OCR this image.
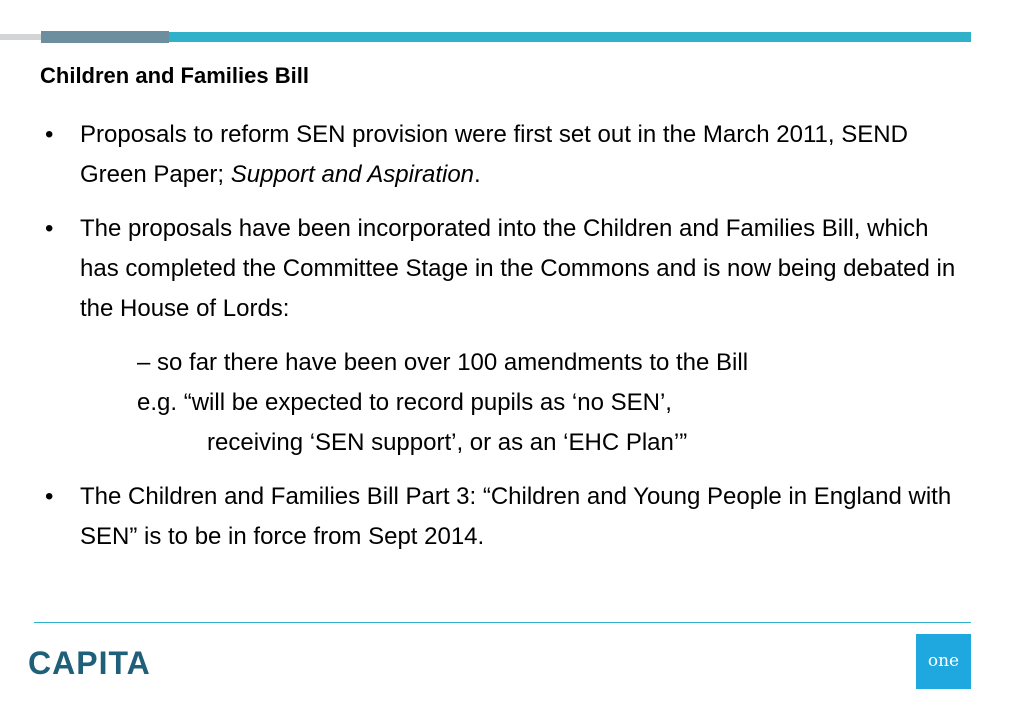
Children and Families Bill

• Proposals to reform SEN provision were first set out in the March 2011, SEND Green Paper; Support and Aspiration.

• The proposals have been incorporated into the Children and Families Bill, which has completed the Committee Stage in the Commons and is now being debated in the House of Lords:

– so far there have been over 100 amendments to the Bill
e.g. “will be expected to record pupils as ‘no SEN’,
receiving ‘SEN support’, or as an ‘EHC Plan’”

• The Children and Families Bill Part 3: “Children and Young People in England with SEN” is to be in force from Sept 2014.

CAPITA	one
